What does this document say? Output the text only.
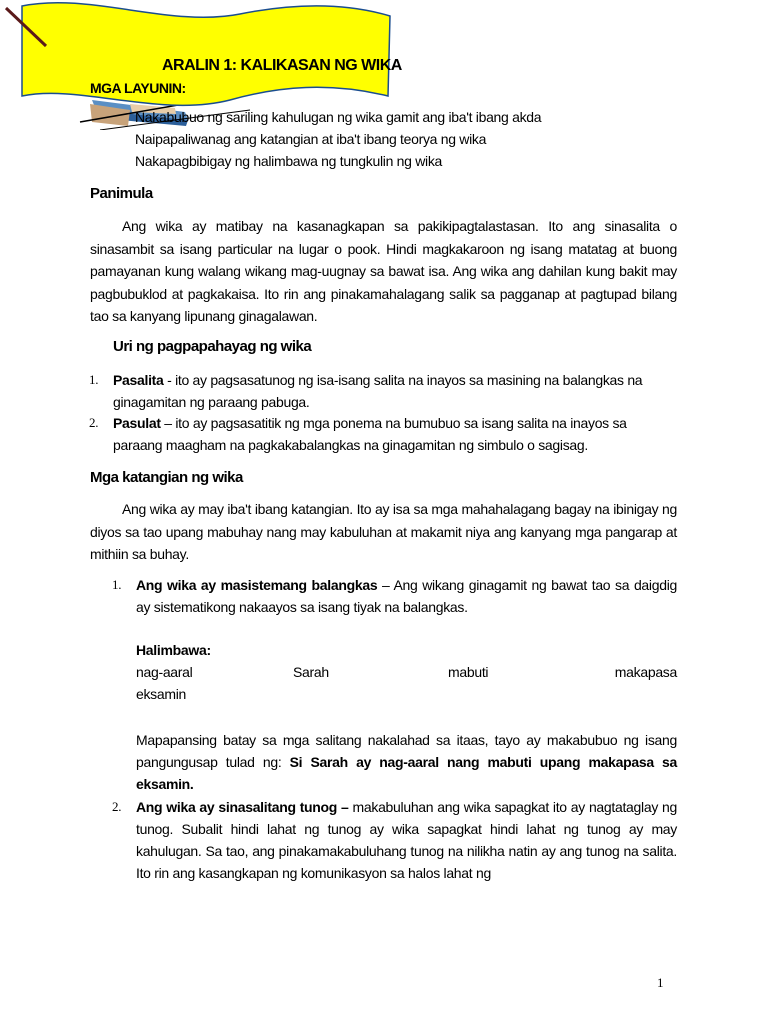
MGA LAYUNIN:
ARALIN 1: KALIKASAN NG WIKA
Nakabubuo ng sariling kahulugan ng wika gamit ang iba't ibang akda
Naipapaliwanag ang katangian at iba't ibang teorya ng wika
Nakapagbibigay ng halimbawa ng tungkulin ng wika
Panimula

Ang wika ay matibay na kasanagkapan sa pakikipagtalastasan. Ito ang sinasalita o sinasambit sa isang particular na lugar o pook. Hindi magkakaroon ng isang matatag at buong pamayanan kung walang wikang mag-uugnay sa bawat isa. Ang wika ang dahilan kung bakit may pagbubuklod at pagkakaisa. Ito rin ang pinakamahalagang salik sa pagganap at pagtupad bilang tao sa kanyang lipunang ginagalawan.

Uri ng pagpapahayag ng wika
1. Pasalita - ito ay pagsasatunog ng isa-isang salita na inayos sa masining na balangkas na ginagamitan ng paraang pabuga.
2. Pasulat – ito ay pagsasatitik ng mga ponema na bumubuo sa isang salita na inayos sa paraang maagham na pagkakabalangkas na ginagamitan ng simbulo o sagisag.
Mga katangian ng wika

Ang wika ay may iba't ibang katangian. Ito ay isa sa mga mahahalagang bagay na ibinigay ng diyos sa tao upang mabuhay nang may kabuluhan at makamit niya ang kanyang mga pangarap at mithiin sa buhay.

1. Ang wika ay masistemang balangkas – Ang wikang ginagamit ng bawat tao sa daigdig ay sistematikong nakaayos sa isang tiyak na balangkas.
Halimbawa:
nag-aaral	Sarah	mabuti	makapasa
eksamin
Mapapansing batay sa mga salitang nakalahad sa itaas, tayo ay makabubuo ng isang pangungusap tulad ng: Si Sarah ay nag-aaral nang mabuti upang makapasa sa eksamin.
2. Ang wika ay sinasalitang tunog – makabuluhan ang wika sapagkat ito ay nagtataglay ng tunog. Subalit hindi lahat ng tunog ay wika sapagkat hindi lahat ng tunog ay may kahulugan. Sa tao, ang pinakamakabuluhang tunog na nilikha natin ay ang tunog na salita. Ito rin ang kasangkapan ng komunikasyon sa halos lahat ng
1
